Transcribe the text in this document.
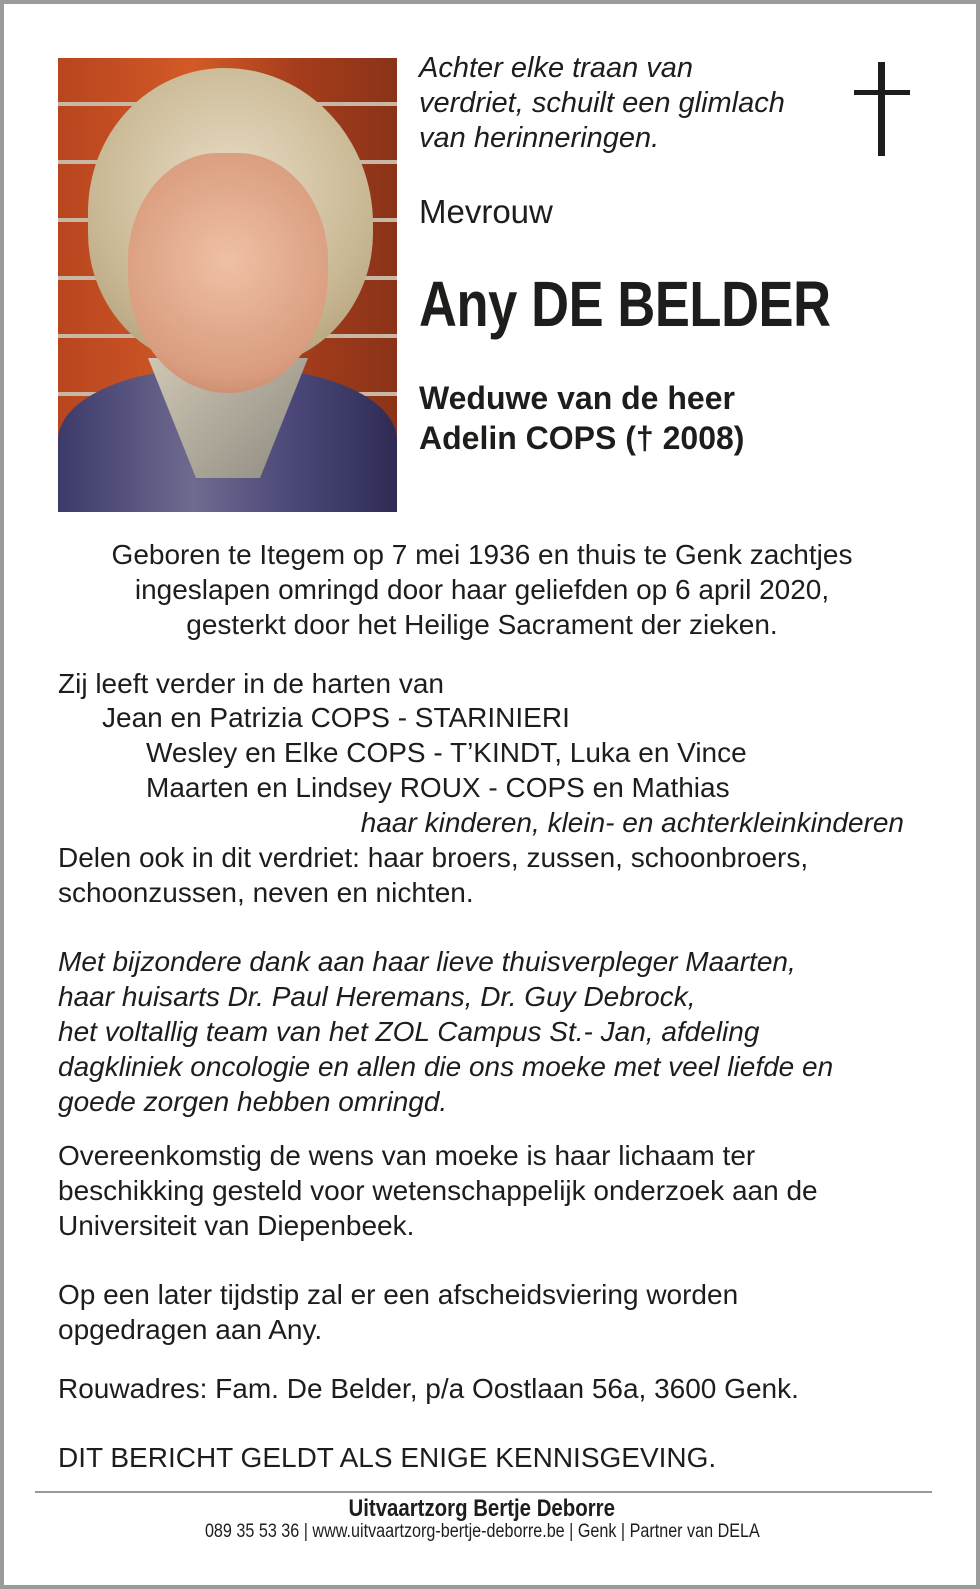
Achter elke traan van
verdriet, schuilt een glimlach
van herinneringen.
Mevrouw
Any DE BELDER
Weduwe van de heer
Adelin COPS († 2008)
Geboren te Itegem op 7 mei 1936 en thuis te Genk zachtjes
ingeslapen omringd door haar geliefden op 6 april 2020,
gesterkt door het Heilige Sacrament der zieken.
Zij leeft verder in de harten van
Jean en Patrizia COPS - STARINIERI
Wesley en Elke COPS - T’KINDT, Luka en Vince
Maarten en Lindsey ROUX - COPS en Mathias
haar kinderen, klein- en achterkleinkinderen
Delen ook in dit verdriet: haar broers, zussen, schoonbroers,
schoonzussen, neven en nichten.
Met bijzondere dank aan haar lieve thuisverpleger Maarten,
haar huisarts Dr. Paul Heremans, Dr. Guy Debrock,
het voltallig team van het ZOL Campus St.- Jan, afdeling
dagkliniek oncologie en allen die ons moeke met veel liefde en
goede zorgen hebben omringd.
Overeenkomstig de wens van moeke is haar lichaam ter
beschikking gesteld voor wetenschappelijk onderzoek aan de
Universiteit van Diepenbeek.
Op een later tijdstip zal er een afscheidsviering worden
opgedragen aan Any.
Rouwadres: Fam. De Belder, p/a Oostlaan 56a, 3600 Genk.
DIT BERICHT GELDT ALS ENIGE KENNISGEVING.
Uitvaartzorg Bertje Deborre
089 35 53 36 | www.uitvaartzorg-bertje-deborre.be | Genk | Partner van DELA
